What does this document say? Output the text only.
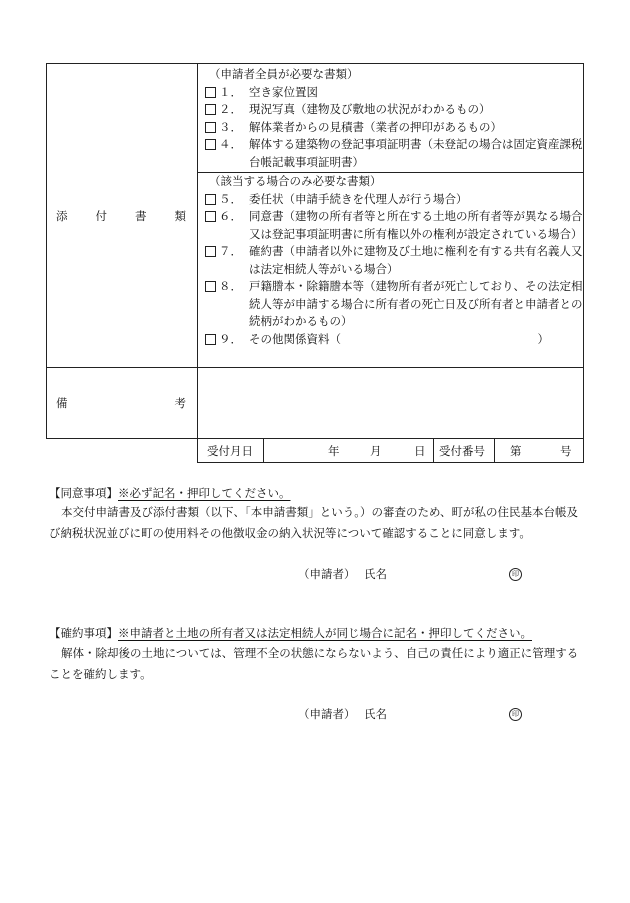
添 付 書 類
（申請者全員が必要な書類）
１． 空き家位置図
２． 現況写真（建物及び敷地の状況がわかるもの）
３． 解体業者からの見積書（業者の押印があるもの）
４． 解体する建築物の登記事項証明書（未登記の場合は固定資産課税台帳記載事項証明書）
（該当する場合のみ必要な書類）
５． 委任状（申請手続きを代理人が行う場合）
６． 同意書（建物の所有者等と所在する土地の所有者等が異なる場合又は登記事項証明書に所有権以外の権利が設定されている場合）
７． 確約書（申請者以外に建物及び土地に権利を有する共有名義人又は法定相続人等がいる場合）
８． 戸籍謄本・除籍謄本等（建物所有者が死亡しており、その法定相続人等が申請する場合に所有者の死亡日及び所有者と申請者との続柄がわかるもの）
９． その他関係資料（	）
備	考
受付月日	年	月	日 受付番号 第	号
【同意事項】※必ず記名・押印してください。
本交付申請書及び添付書類（以下、「本申請書類」という。）の審査のため、町が私の住民基本台帳及び納税状況並びに町の使用料その他徴収金の納入状況等について確認することに同意します。
（申請者） 氏名	印
【確約事項】※申請者と土地の所有者又は法定相続人が同じ場合に記名・押印してください。
解体・除却後の土地については、管理不全の状態にならないよう、自己の責任により適正に管理することを確約します。
（申請者） 氏名	印
